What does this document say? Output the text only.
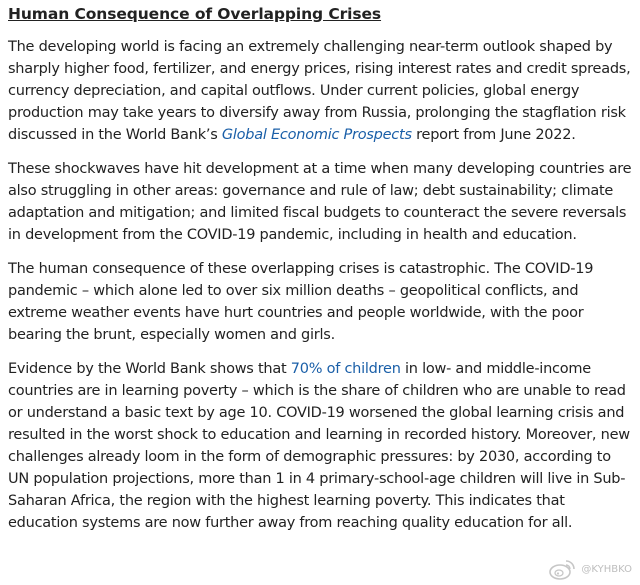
Human Consequence of Overlapping Crises

The developing world is facing an extremely challenging near-term outlook shaped by sharply higher food, fertilizer, and energy prices, rising interest rates and credit spreads, currency depreciation, and capital outflows. Under current policies, global energy production may take years to diversify away from Russia, prolonging the stagflation risk discussed in the World Bank’s Global Economic Prospects report from June 2022.

These shockwaves have hit development at a time when many developing countries are also struggling in other areas: governance and rule of law; debt sustainability; climate adaptation and mitigation; and limited fiscal budgets to counteract the severe reversals in development from the COVID-19 pandemic, including in health and education.

The human consequence of these overlapping crises is catastrophic. The COVID-19 pandemic – which alone led to over six million deaths – geopolitical conflicts, and extreme weather events have hurt countries and people worldwide, with the poor bearing the brunt, especially women and girls.

Evidence by the World Bank shows that 70% of children in low- and middle-income countries are in learning poverty – which is the share of children who are unable to read or understand a basic text by age 10. COVID-19 worsened the global learning crisis and resulted in the worst shock to education and learning in recorded history. Moreover, new challenges already loom in the form of demographic pressures: by 2030, according to UN population projections, more than 1 in 4 primary-school-age children will live in Sub-Saharan Africa, the region with the highest learning poverty. This indicates that education systems are now further away from reaching quality education for all.

@KYHBKO
